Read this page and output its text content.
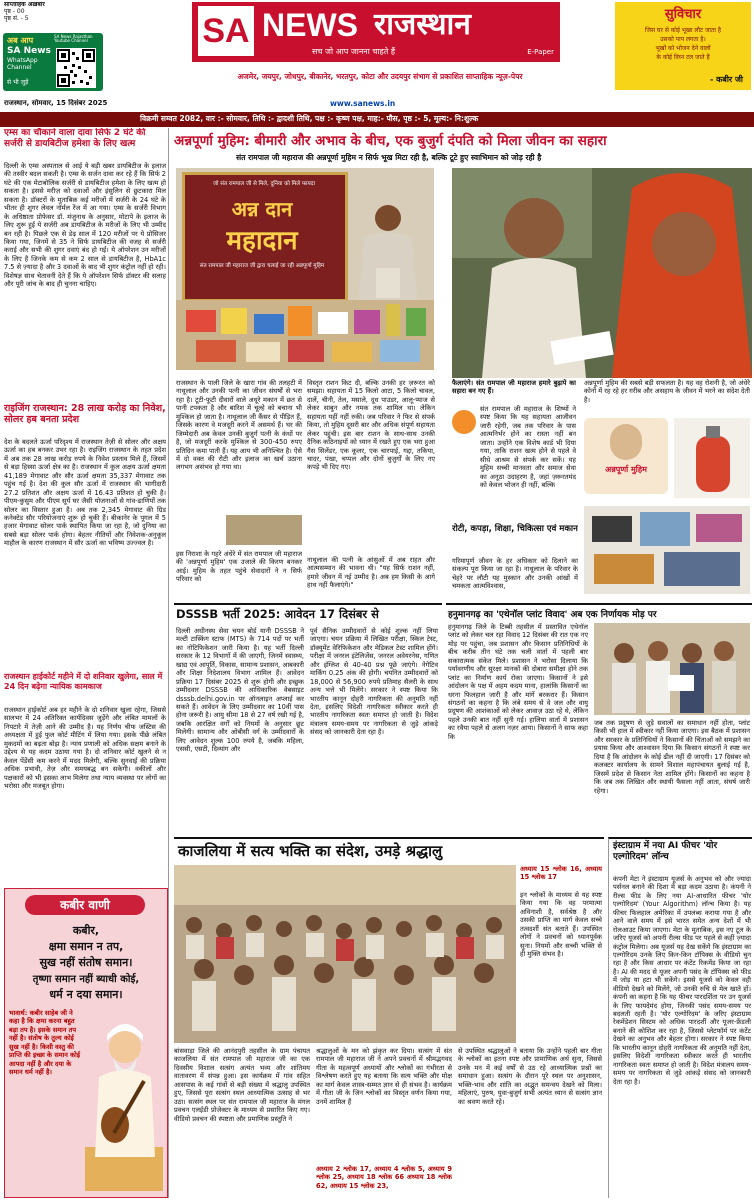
साप्ताहिक अख़बार
पृष्ठ - 00
पृष्ठ सं. - 5
अब आप
SA News
WhatsApp Channel
से भी जुड़ें
SA News Rajasthan Youtube Channel	SA NEWS राजस्थान
सच जो आप जानना चाहते हैं	E-Paper
सुविचार
जिस घर से कोई भूखा लौट जाता है
उसको पाप लगता है।
भूखों को भोजन देने वालों
के कोई विघ्न टल जाते हैं
- कबीर जी
अजमेर, जयपुर, जोधपुर, बीकानेर, भरतपुर, कोटा और उदयपुर संभाग से प्रकाशित साप्ताहिक न्यूज़-पेपर
राजस्थान, सोमवार, 15 दिसंबर 2025	www.sanews.in
विक्रमी सम्वत 2082, वार :- सोमवार, तिथि :- द्वादशी तिथि, पक्ष :- कृष्ण पक्ष, माह:- पौस, पृष्ठ :- 5, मूल्य:- नि:शुल्क
एम्स का चौंकाने वाला दावा सिर्फ 2 घंटे की सर्जरी से डायबिटीज हमेशा के लिए खत्म
दिल्ली के एम्स अस्पताल से आई ये बड़ी खबर डायबिटीज के इलाज की तस्वीर बदल सकती है। एम्स के सर्जन दावा कर रहे हैं कि सिर्फ 2 घंटे की एक मेटाबोलिक सर्जरी से डायबिटीज हमेशा के लिए खत्म हो सकता है। इससे मरीज़ को दवाओं और इंसुलिन से छुटकारा मिल सकता है। डॉक्टरों के मुताबिक़ कई मरीजों में सर्जरी के 24 घंटे के भीतर ही शुगर लेवल नॉर्मल रेंज में आ गया। एम्स के सर्जरी विभाग के अधिष्ठाता प्रोफेसर डॉ. मंजुनाथ के अनुसार, मोटापे के इलाज के लिए शुरू हुई ये सर्जरी अब डायबिटीज के मरीजों के लिए भी उम्मीद बन रही है। पिछले एक से डेढ़ साल में 120 मरीजों पर ये प्रोसिजर किया गया, जिनमें से 35 ने सिर्फ डायबिटीज की वजह से सर्जरी कराई और सभी की शुगर दवाएं बंद हो गईं। ये ऑपरेशन उन मरीजों के लिए है जिनके कम से कम 2 साल से डायबिटीज है, HbA1c 7.5 से ज़्यादा है और 3 दवाओं के बाद भी शुगर कंट्रोल नहीं हो रही। विशेषज्ञ साथ चेतावनी देते हैं कि ये ऑपरेशन सिर्फ डॉक्टर की सलाह और पूरी जांच के बाद ही चुनना चाहिए।
राइजिंग राजस्थान: 28 लाख करोड़ का निवेश, सोलर हब बनता प्रदेश
देश के बदलते ऊर्जा परिदृश्य में राजस्थान तेज़ी से सोलर और अक्षय ऊर्जा का हब बनकर उभर रहा है। राइजिंग राजस्थान के तहत प्रदेश में अब तक 28 लाख करोड़ रुपये के निवेश प्रस्ताव मिले हैं, जिसमें से बड़ा हिस्सा ऊर्जा क्षेत्र का है। राजस्थान में कुल अक्षय ऊर्जा क्षमता 41,189 मेगावाट और सौर ऊर्जा क्षमता 35,337 मेगावाट तक पहुंच गई है। देश की कुल सौर ऊर्जा में राजस्थान की भागीदारी 27.2 प्रतिशत और अक्षय ऊर्जा में 16.43 प्रतिशत हो चुकी है। पीएम-कुसुम और पीएम सूर्य घर जैसी योजनाओं से गांव-ढाणियों तक सोलर का विस्तार हुआ है। अब तक 2,345 मेगावाट की ग्रिड कनेक्टेड सौर परियोजनाएं शुरू हो चुकी हैं। बीकानेर के पूगल में 5 हजार मेगावाट सोलर पार्क स्थापित किया जा रहा है, जो दुनिया का सबसे बड़ा सोलर पार्क होगा। बेहतर नीतियों और निवेशक-अनुकूल माहौल के कारण राजस्थान में सौर ऊर्जा का भविष्य उज्ज्वल है।
राजस्थान हाईकोर्ट महीने में दो शनिवार खुलेगा, साल में 24 दिन बढ़ेगा न्यायिक कामकाज
राजस्थान हाईकोर्ट अब हर महीने के दो शनिवार खुला रहेगा, जिससे सालभर में 24 अतिरिक्त कार्यदिवस जुड़ेंगे और लंबित मामलों के निपटारे में तेज़ी आने की उम्मीद है। यह निर्णय चीफ जस्टिस की अध्यक्षता में हुई फुल कोर्ट मीटिंग में लिया गया। इसके पीछे लंबित मुकदमों का बढ़ता बोझ है। न्याय प्रणाली को अधिक सक्षम बनाने के उद्देश्य से यह कदम उठाया गया है। दो शनिवार कोर्ट खुलने से न केवल पेंडेंसी कम करने में मदद मिलेगी, बल्कि सुनवाई की प्रक्रिया अधिक प्रभावी, तेज़ और समयबद्ध बन सकेगी। वकीलों और पक्षकारों को भी इसका लाभ मिलेगा तथा न्याय व्यवस्था पर लोगों का भरोसा और मजबूत होगा।
कबीर वाणी
कबीर,
क्षमा समान न तप,
सुख नहीं संतोष समान।
तृष्णा समान नहीं ब्याधी कोई,
धर्म न दया समान।
भावार्थ: कबीर साहेब जी ने कहा है कि क्षमा करना बहुत बड़ा तप है। इसके समान तप नहीं है। संतोष के तुल्य कोई सुख नहीं है। किसी वस्तु की प्राप्ति की इच्छा के समान कोई आपदा नहीं है और दया के समान धर्म नहीं है।
अन्नपूर्णा मुहिम: बीमारी और अभाव के बीच, एक बुजुर्ग दंपति को मिला जीवन का सहारा
संत रामपाल जी महाराज की अन्नपूर्णा मुहिम न सिर्फ भूख मिटा रही है, बल्कि टूटे हुए स्वाभिमान को जोड़ रही है
जो संत रामपाल जी से मिले, दुनिया को मिले फायदा
अन्न दान
महादान
संत रामपाल जी महाराज जी द्वारा चलाई जा रही अन्नपूर्णा मुहिम
राजस्थान के पाली जिले के खारा गांव की तलहटी में नाथूलाल और उनकी पत्नी का जीवन संघर्षों से भरा रहा है। टूटी-फूटी दीवारों वाले अधूरे मकान में छत से पानी टपकता है और बारिश में चूल्हे को बचाना भी मुश्किल हो जाता है। नाथूलाल जी कैंसर से पीड़ित हैं, जिसके कारण वे मजदूरी करने में असमर्थ हैं। घर की जिम्मेदारी अब केवल उनकी बुजुर्ग पत्नी के कंधों पर है, जो मजदूरी करके मुश्किल से 300-450 रुपए प्रतिदिन कमा पाती हैं। यह आय भी अनिश्चित है। ऐसे में दो वक्त की रोटी और इलाज का खर्च उठाना लगभग असंभव हो गया था।
इस निराशा के गहरे अंधेरे में संत रामपाल जी महाराज की 'अन्नपूर्णा मुहिम' एक उजाले की किरण बनकर आई। मुहिम के तहत पहुंचे सेवादारों ने न सिर्फ परिवार को
विस्तृत राशन किट दी, बल्कि उनकी हर ज़रूरत को समझा। सहायता में 15 किलो आटा, 5 किलो चावल, दालें, चीनी, तेल, मसाले, दूध पाउडर, आलू-प्याज से लेकर साबुन और नमक तक शामिल था। लेकिन सहायता यहीं नहीं रुकी। जब परिवार ने फिर से संपर्क किया, तो मुहिम दूसरी बार और अधिक संपूर्ण सहायता लेकर पहुंची। इस बार राशन के साथ-साथ उनकी दैनिक कठिनाइयों को ध्यान में रखते हुए एक भरा हुआ गैस सिलेंडर, एक कूलर, एक चारपाई, गद्दा, तकिया, चादर, पंखा, चप्पल और दोनों बुजुर्गों के लिए नए कपड़े भी दिए गए।
नाथूलाल की पत्नी के आंसुओं में अब राहत और आत्मसम्मान की भावना थी। "यह सिर्फ राशन नहीं, हमारे जीवन में नई उम्मीद है। अब हम किसी के आगे हाथ नहीं फैलाएंगे।"
फैलाएंगे। संत रामपाल जी महाराज हमारे बुढ़ापे का सहारा बन गए हैं।
संत रामपाल जी महाराज के शिष्यों ने स्पष्ट किया कि यह सहायता आजीवन जारी रहेगी, जब तक परिवार के पास आत्मनिर्भर होने का रास्ता नहीं बन जाता। उन्होंने एक विशेष कार्ड भी दिया गया, ताकि राशन खत्म होने से पहले वे सीधे आश्रम से संपर्क कर सकें। यह मुहिम सच्ची मानवता और समाज सेवा का अनूठा उदाहरण है, जहां ज़रूरतमंद को केवल भोजन ही नहीं, बल्कि
रोटी, कपड़ा, शिक्षा, चिकित्सा एवं मकान
गरिमापूर्ण जीवन के हर अधिकार को दिलाने का संकल्प पूरा किया जा रहा है। नाथूलाल के परिवार के चेहरे पर लौटी यह मुस्कान और उनकी आंखों में चमकता आत्मविश्वास,
अन्नपूर्णा मुहिम की सबसे बड़ी सफलता है। यह वह रोशनी है, जो अंधेरे कोनों में रह रहे हर ग़रीब और असहाय के जीवन में भरने का संदेश देती है।
अन्नपूर्णा मुहिम
DSSSB भर्ती 2025: आवेदन 17 दिसंबर से
दिल्ली अधीनस्थ सेवा चयन बोर्ड यानी DSSSB ने मल्टी टास्किंग स्टाफ (MTS) के 714 पदों पर भर्ती का नोटिफिकेशन जारी किया है। यह भर्ती दिल्ली सरकार के 12 विभागों में की जाएगी, जिनमें स्वास्थ्य, खाद्य एवं आपूर्ति, विकास, सामान्य प्रशासन, आबकारी और शिक्षा निदेशालय विभाग शामिल हैं। आवेदन प्रक्रिया 17 दिसंबर 2025 से शुरू होगी और इच्छुक उम्मीदवार DSSSB की आधिकारिक वेबसाइट dsssb.delhi.gov.in पर ऑनलाइन अप्लाई कर सकते हैं। आवेदन के लिए उम्मीदवार का 10वीं पास होना जरूरी है। आयु सीमा 18 से 27 वर्ष रखी गई है, जबकि आरक्षित वर्गों को नियमों के अनुसार छूट मिलेगी। सामान्य और ओबीसी वर्ग के उम्मीदवारों के लिए आवेदन शुल्क 100 रुपये है, जबकि महिला, एससी, एसटी, दिव्यांग और
पूर्व सैनिक उम्मीदवारों से कोई शुल्क नहीं लिया जाएगा। चयन प्रक्रिया में लिखित परीक्षा, स्किल टेस्ट, डॉक्यूमेंट वेरिफिकेशन और मेडिकल टेस्ट शामिल होंगे। परीक्षा में जनरल इंटेलिजेंस, जनरल अवेयरनेस, गणित और इंग्लिश से 40-40 प्रश्न पूछे जाएंगे। नेगेटिव मार्किंग 0.25 अंक की होगी। चयनित उम्मीदवारों को 18,000 से 56,900 रुपये प्रतिमाह सैलरी के साथ अन्य भत्ते भी मिलेंगे। सरकार ने स्पष्ट किया कि भारतीय कानून दोहरी नागरिकता की अनुमति नहीं देता, इसलिए विदेशी नागरिकता स्वीकार करते ही भारतीय नागरिकता स्वतः समाप्त हो जाती है। विदेश मंत्रालय समय-समय पर नागरिकता से जुड़े आंकड़े संसद को जानकारी देता रहा है।
हनुमानगढ़ का 'एथेनॉल प्लांट विवाद' अब एक निर्णायक मोड़ पर
हनुमानगढ़ जिले के टिब्बी तहसील में प्रस्तावित एथेनॉल प्लांट को लेकर चल रहा विवाद 12 दिसंबर की रात एक नए मोड़ पर पहुंचा, जब प्रशासन और किसान प्रतिनिधियों के बीच करीब तीन घंटे तक चली वार्ता में पहली बार सकारात्मक संकेत मिले। प्रशासन ने भरोसा दिलाया कि पर्यावरणीय और सुरक्षा मानकों की दोबारा समीक्षा होने तक प्लांट का निर्माण कार्य रोका जाएगा। किसानों ने इसे आंदोलन के पक्ष में अहम कदम माना, हालांकि किसानों का धरना फिलहाल जारी है और मांगें बरकरार हैं। किसान संगठनों का कहना है कि लंबे समय से वे जल और वायु प्रदूषण की आशंकाओं को लेकर आवाज़ उठा रहे थे, लेकिन पहले उनकी बात नहीं सुनी गई। हालिया वार्ता में प्रशासन का रवैया पहले से अलग नज़र आया। किसानों ने साफ कहा कि
जब तक प्रदूषण से जुड़े सवालों का समाधान नहीं होता, प्लांट किसी भी हाल में स्वीकार नहीं किया जाएगा। इस बैठक में प्रशासन और सरकार के प्रतिनिधियों ने किसानों की चिंताओं को समझने का प्रयास किया और आश्वासन दिया कि किसान संगठनों ने स्पष्ट कर दिया है कि आंदोलन के कोई ढील नहीं दी जाएगी। 17 दिसंबर को कलक्टर कार्यालय के सामने विशाल महापंचायत बुलाई गई है, जिसमें प्रदेश से किसान नेता शामिल होंगे। किसानों का कहना है कि जब तक लिखित और स्थायी फैसला नहीं आता, संघर्ष जारी रहेगा।
काजलिया में सत्य भक्ति का संदेश, उमड़े श्रद्धालु
अध्याय 15 श्लोक 16, अध्याय 15 श्लोक 17
इन श्लोकों के माध्यम से यह स्पष्ट किया गया कि वह परमात्मा अविनाशी है, सर्वश्रेष्ठ है और उसकी प्राप्ति का मार्ग केवल सच्चे तत्वदर्शी संत बताते हैं। उपस्थित लोगों ने प्रवचनों को ध्यानपूर्वक सुना। नियमों और सच्ची भक्ति से ही मुक्ति संभव है।
बांसवाड़ा जिले की आनंदपुरी तहसील के ग्राम पंचायत काजलिया में संत रामपाल जी महाराज जी का एक दिवसीय विशाल सत्संग अत्यंत भव्य और शांतिमय वातावरण में संपन्न हुआ। इस कार्यक्रम में गांव सहित आसपास के कई गांवों से बड़ी संख्या में श्रद्धालु उपस्थित हुए, जिससे पूरा सत्संग स्थल आध्यात्मिक उत्साह से भर उठा। सत्संग स्थल पर संत रामपाल जी महाराज के मंगल प्रवचन एलईडी प्रोजेक्टर के माध्यम से प्रसारित किए गए। वीडियो प्रवचन की स्पष्टता और प्रमाणिक प्रस्तुति ने
श्रद्धालुओं के मन को झंकृत कर दिया। सत्संग में संत रामपाल जी महाराज जी ने अपने प्रवचनों में श्रीमद्भगवद गीता के महत्वपूर्ण अध्यायों और श्लोकों का गंभीरता से विश्लेषण करते हुए यह बताया कि सत्य भक्ति और मोक्ष का मार्ग केवल शास्त्र-सम्मत ज्ञान से ही संभव है। कार्यक्रम में गीता जी के जिन श्लोकों का विस्तृत वर्णन किया गया, उनमें शामिल हैं
अध्याय 2 श्लोक 17, अध्याय 4 श्लोक 5, अध्याय 9 श्लोक 25, अध्याय 18 श्लोक 66 अध्याय 18 श्लोक 62, अध्याय 15 श्लोक 23,
से उपस्थित श्रद्धालुओं ने बताया कि उन्होंने पहली बार गीता के श्लोकों का इतना स्पष्ट और प्रामाणिक अर्थ सुना, जिससे उनके मन में कई वर्षों से उठ रहे आध्यात्मिक प्रश्नों का समाधान हुआ। सत्संग के दौरान पूरे स्थल पर अनुशासन, भक्ति-भाव और शांति का अद्भुत समन्वय देखने को मिला। महिलाएं, पुरुष, युवा-बुजुर्ग सभी अत्यंत ध्यान से सत्संग ज्ञान का श्रवण करते रहे।
इंस्टाग्राम में नया AI फीचर 'योर एल्गोरिदम' लॉन्च
कंपनी मेटा ने इंस्टाग्राम यूजर्स के अनुभव को और ज्यादा पर्सनल बनाने की दिशा में बड़ा कदम उठाया है। कंपनी ने रील्स फीड के लिए नया AI-आधारित फीचर 'योर एल्गोरिदम' (Your Algorithm) लॉन्च किया है। यह फीचर फिलहाल अमेरिका में उपलब्ध कराया गया है और आने वाले समय में इसे भारत समेत अन्य देशों में भी रोलआउट किया जाएगा। मेटा के मुताबिक, इस नए टूल के जरिए यूजर्स को अपनी रील्स फीड पर पहले से कहीं ज़्यादा कंट्रोल मिलेगा। अब यूजर्स यह देख सकेंगे कि इंस्टाग्राम का एल्गोरिदम उनके लिए किन-किन टॉपिक्स के वीडियो चुन रहा है और किस आधार पर कंटेंट रिकमेंड किया जा रहा है। AI की मदद से यूजर अपनी पसंद के टॉपिक्स को फीड में जोड़ या हटा भी सकेंगे। इससे यूजर्स को केवल वही वीडियो देखने को मिलेंगे, जो उनकी रुचि से मेल खाते हों। कंपनी का कहना है कि यह फीचर पारदर्शिता पर उन यूजर्स के लिए फायदेमंद होगा, जिनकी पसंद समय-समय पर बदलती रहती है। 'योर एल्गोरिदम' के जरिए इंस्टाग्राम रेकमेंडेशन सिस्टम को अधिक पारदर्शी और यूजर-फ्रेंडली बनाने की कोशिश कर रहा है, जिससे प्लेटफॉर्म पर कंटेंट देखने का अनुभव और बेहतर होगा। सरकार ने स्पष्ट किया कि भारतीय कानून दोहरी नागरिकता की अनुमति नहीं देता, इसलिए विदेशी नागरिकता स्वीकार करते ही भारतीय नागरिकता स्वतः समाप्त हो जाती है। विदेश मंत्रालय समय-समय पर नागरिकता से जुड़े आंकड़े संसद को जानकारी देता रहा है।
